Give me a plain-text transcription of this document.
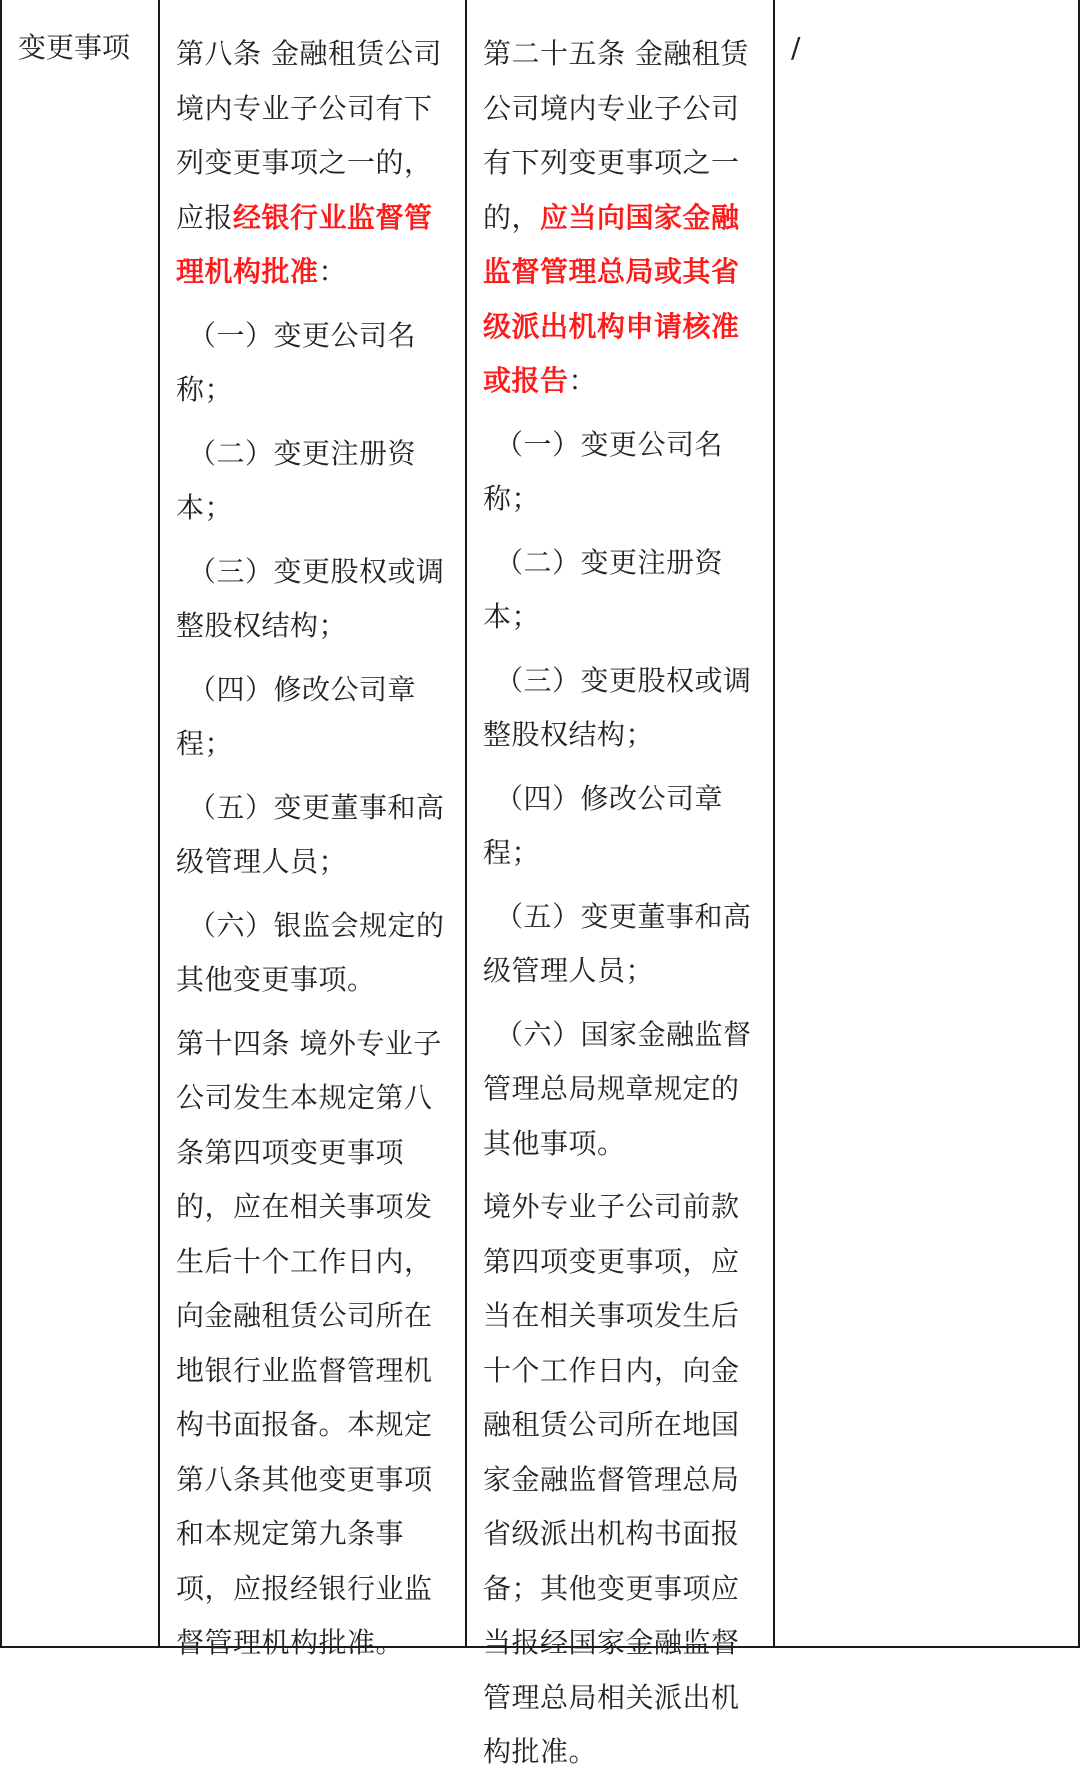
变更事项 第八条 金融租赁公司境内专业子公司有下列变更事项之一的，应报经银行业监督管理机构批准：

（一）变更公司名称；

（二）变更注册资本；

（三）变更股权或调整股权结构；

（四）修改公司章程；

（五）变更董事和高级管理人员；

（六）银监会规定的其他变更事项。

第十四条 境外专业子公司发生本规定第八条第四项变更事项的，应在相关事项发生后十个工作日内，向金融租赁公司所在地银行业监督管理机构书面报备。本规定第八条其他变更事项和本规定第九条事项，应报经银行业监督管理机构批准。

第二十五条 金融租赁公司境内专业子公司有下列变更事项之一的，应当向国家金融监督管理总局或其省级派出机构申请核准或报告：

（一）变更公司名称；

（二）变更注册资本；

（三）变更股权或调整股权结构；

（四）修改公司章程；

（五）变更董事和高级管理人员；

（六）国家金融监督管理总局规章规定的其他事项。

境外专业子公司前款第四项变更事项，应当在相关事项发生后十个工作日内，向金融租赁公司所在地国家金融监督管理总局省级派出机构书面报备；其他变更事项应当报经国家金融监督管理总局相关派出机构批准。

/
